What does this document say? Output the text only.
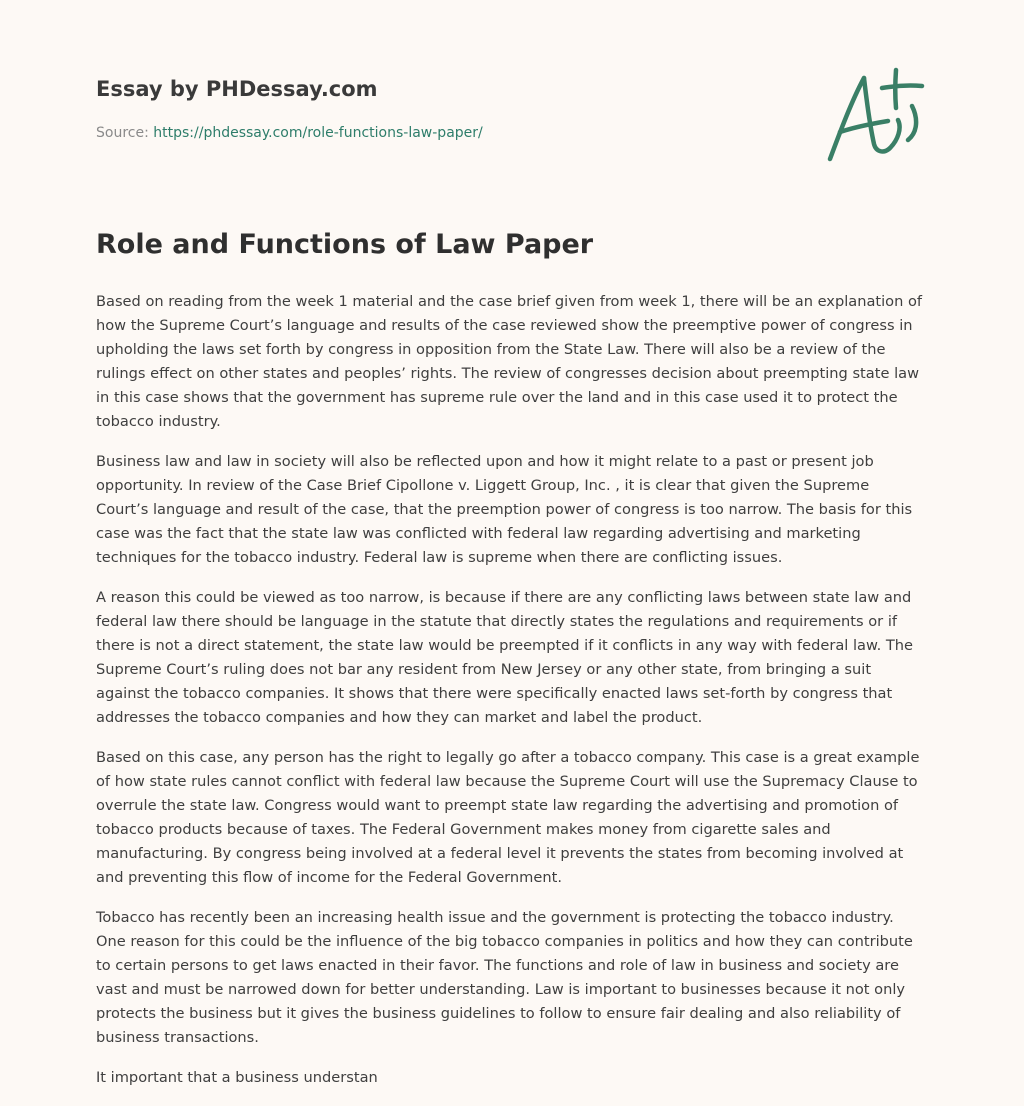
Essay by PHDessay.com
Source: https://phdessay.com/role-functions-law-paper/
Role and Functions of Law Paper

Based on reading from the week 1 material and the case brief given from week 1, there will be an explanation of how the Supreme Court’s language and results of the case reviewed show the preemptive power of congress in upholding the laws set forth by congress in opposition from the State Law. There will also be a review of the rulings effect on other states and peoples’ rights. The review of congresses decision about preempting state law in this case shows that the government has supreme rule over the land and in this case used it to protect the tobacco industry.

Business law and law in society will also be reflected upon and how it might relate to a past or present job opportunity. In review of the Case Brief Cipollone v. Liggett Group, Inc. , it is clear that given the Supreme Court’s language and result of the case, that the preemption power of congress is too narrow. The basis for this case was the fact that the state law was conflicted with federal law regarding advertising and marketing techniques for the tobacco industry. Federal law is supreme when there are conflicting issues.

A reason this could be viewed as too narrow, is because if there are any conflicting laws between state law and federal law there should be language in the statute that directly states the regulations and requirements or if there is not a direct statement, the state law would be preempted if it conflicts in any way with federal law. The Supreme Court’s ruling does not bar any resident from New Jersey or any other state, from bringing a suit against the tobacco companies. It shows that there were specifically enacted laws set-forth by congress that addresses the tobacco companies and how they can market and label the product.

Based on this case, any person has the right to legally go after a tobacco company. This case is a great example of how state rules cannot conflict with federal law because the Supreme Court will use the Supremacy Clause to overrule the state law. Congress would want to preempt state law regarding the advertising and promotion of tobacco products because of taxes. The Federal Government makes money from cigarette sales and manufacturing. By congress being involved at a federal level it prevents the states from becoming involved at and preventing this flow of income for the Federal Government.

Tobacco has recently been an increasing health issue and the government is protecting the tobacco industry. One reason for this could be the influence of the big tobacco companies in politics and how they can contribute to certain persons to get laws enacted in their favor. The functions and role of law in business and society are vast and must be narrowed down for better understanding. Law is important to businesses because it not only protects the business but it gives the business guidelines to follow to ensure fair dealing and also reliability of business transactions.

It important that a business understan
